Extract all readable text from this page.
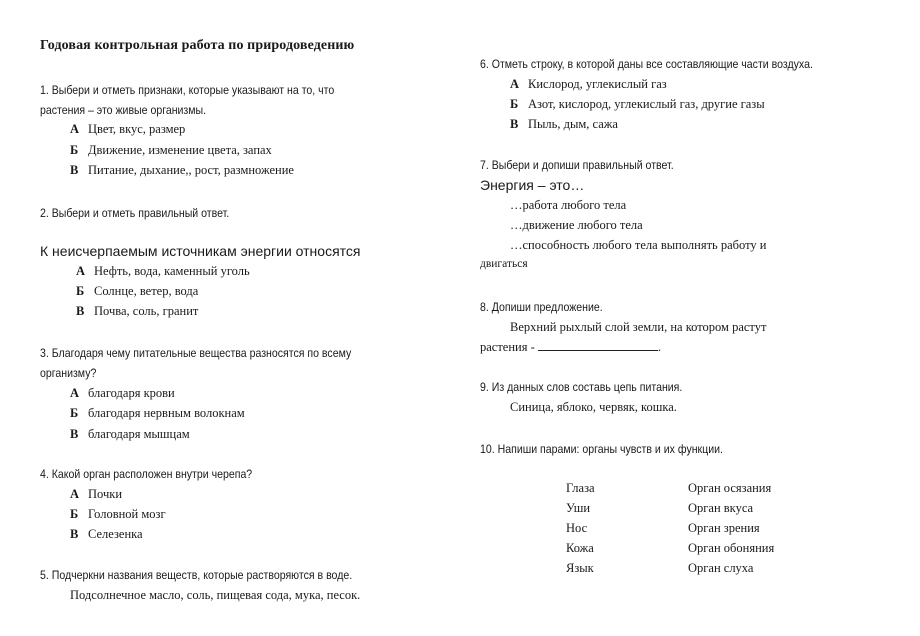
Годовая контрольная работа по природоведению
1. Выбери и отметь признаки, которые указывают на то, что
растения – это живые организмы.
А Цвет, вкус, размер
Б Движение, изменение цвета, запах
В Питание, дыхание,, рост, размножение
2. Выбери и отметь правильный ответ.
К неисчерпаемым источникам энергии относятся
А Нефть, вода, каменный уголь
Б Солнце, ветер, вода
В Почва, соль, гранит
3. Благодаря чему питательные вещества разносятся по всему
организму?
А благодаря крови
Б благодаря нервным волокнам
В благодаря мышцам
4. Какой орган расположен внутри черепа?
А Почки
Б Головной мозг
В Селезенка
5. Подчеркни названия веществ, которые растворяются в воде.
Подсолнечное масло, соль, пищевая сода, мука, песок.
6. Отметь строку, в которой даны все составляющие части воздуха.
А Кислород, углекислый газ
Б Азот, кислород, углекислый газ, другие газы
В Пыль, дым, сажа
7. Выбери и допиши правильный ответ.
Энергия – это…
…работа любого тела
…движение любого тела
…способность любого тела выполнять работу и
двигаться
8. Допиши предложение.
Верхний рыхлый слой земли, на котором растут
растения -	.
9. Из данных слов составь цепь питания.
Синица, яблоко, червяк, кошка.
10. Напиши парами: органы чувств и их функции.
Глаза
Уши
Нос
Кожа
Язык
Орган осязания
Орган вкуса
Орган зрения
Орган обоняния
Орган слуха
